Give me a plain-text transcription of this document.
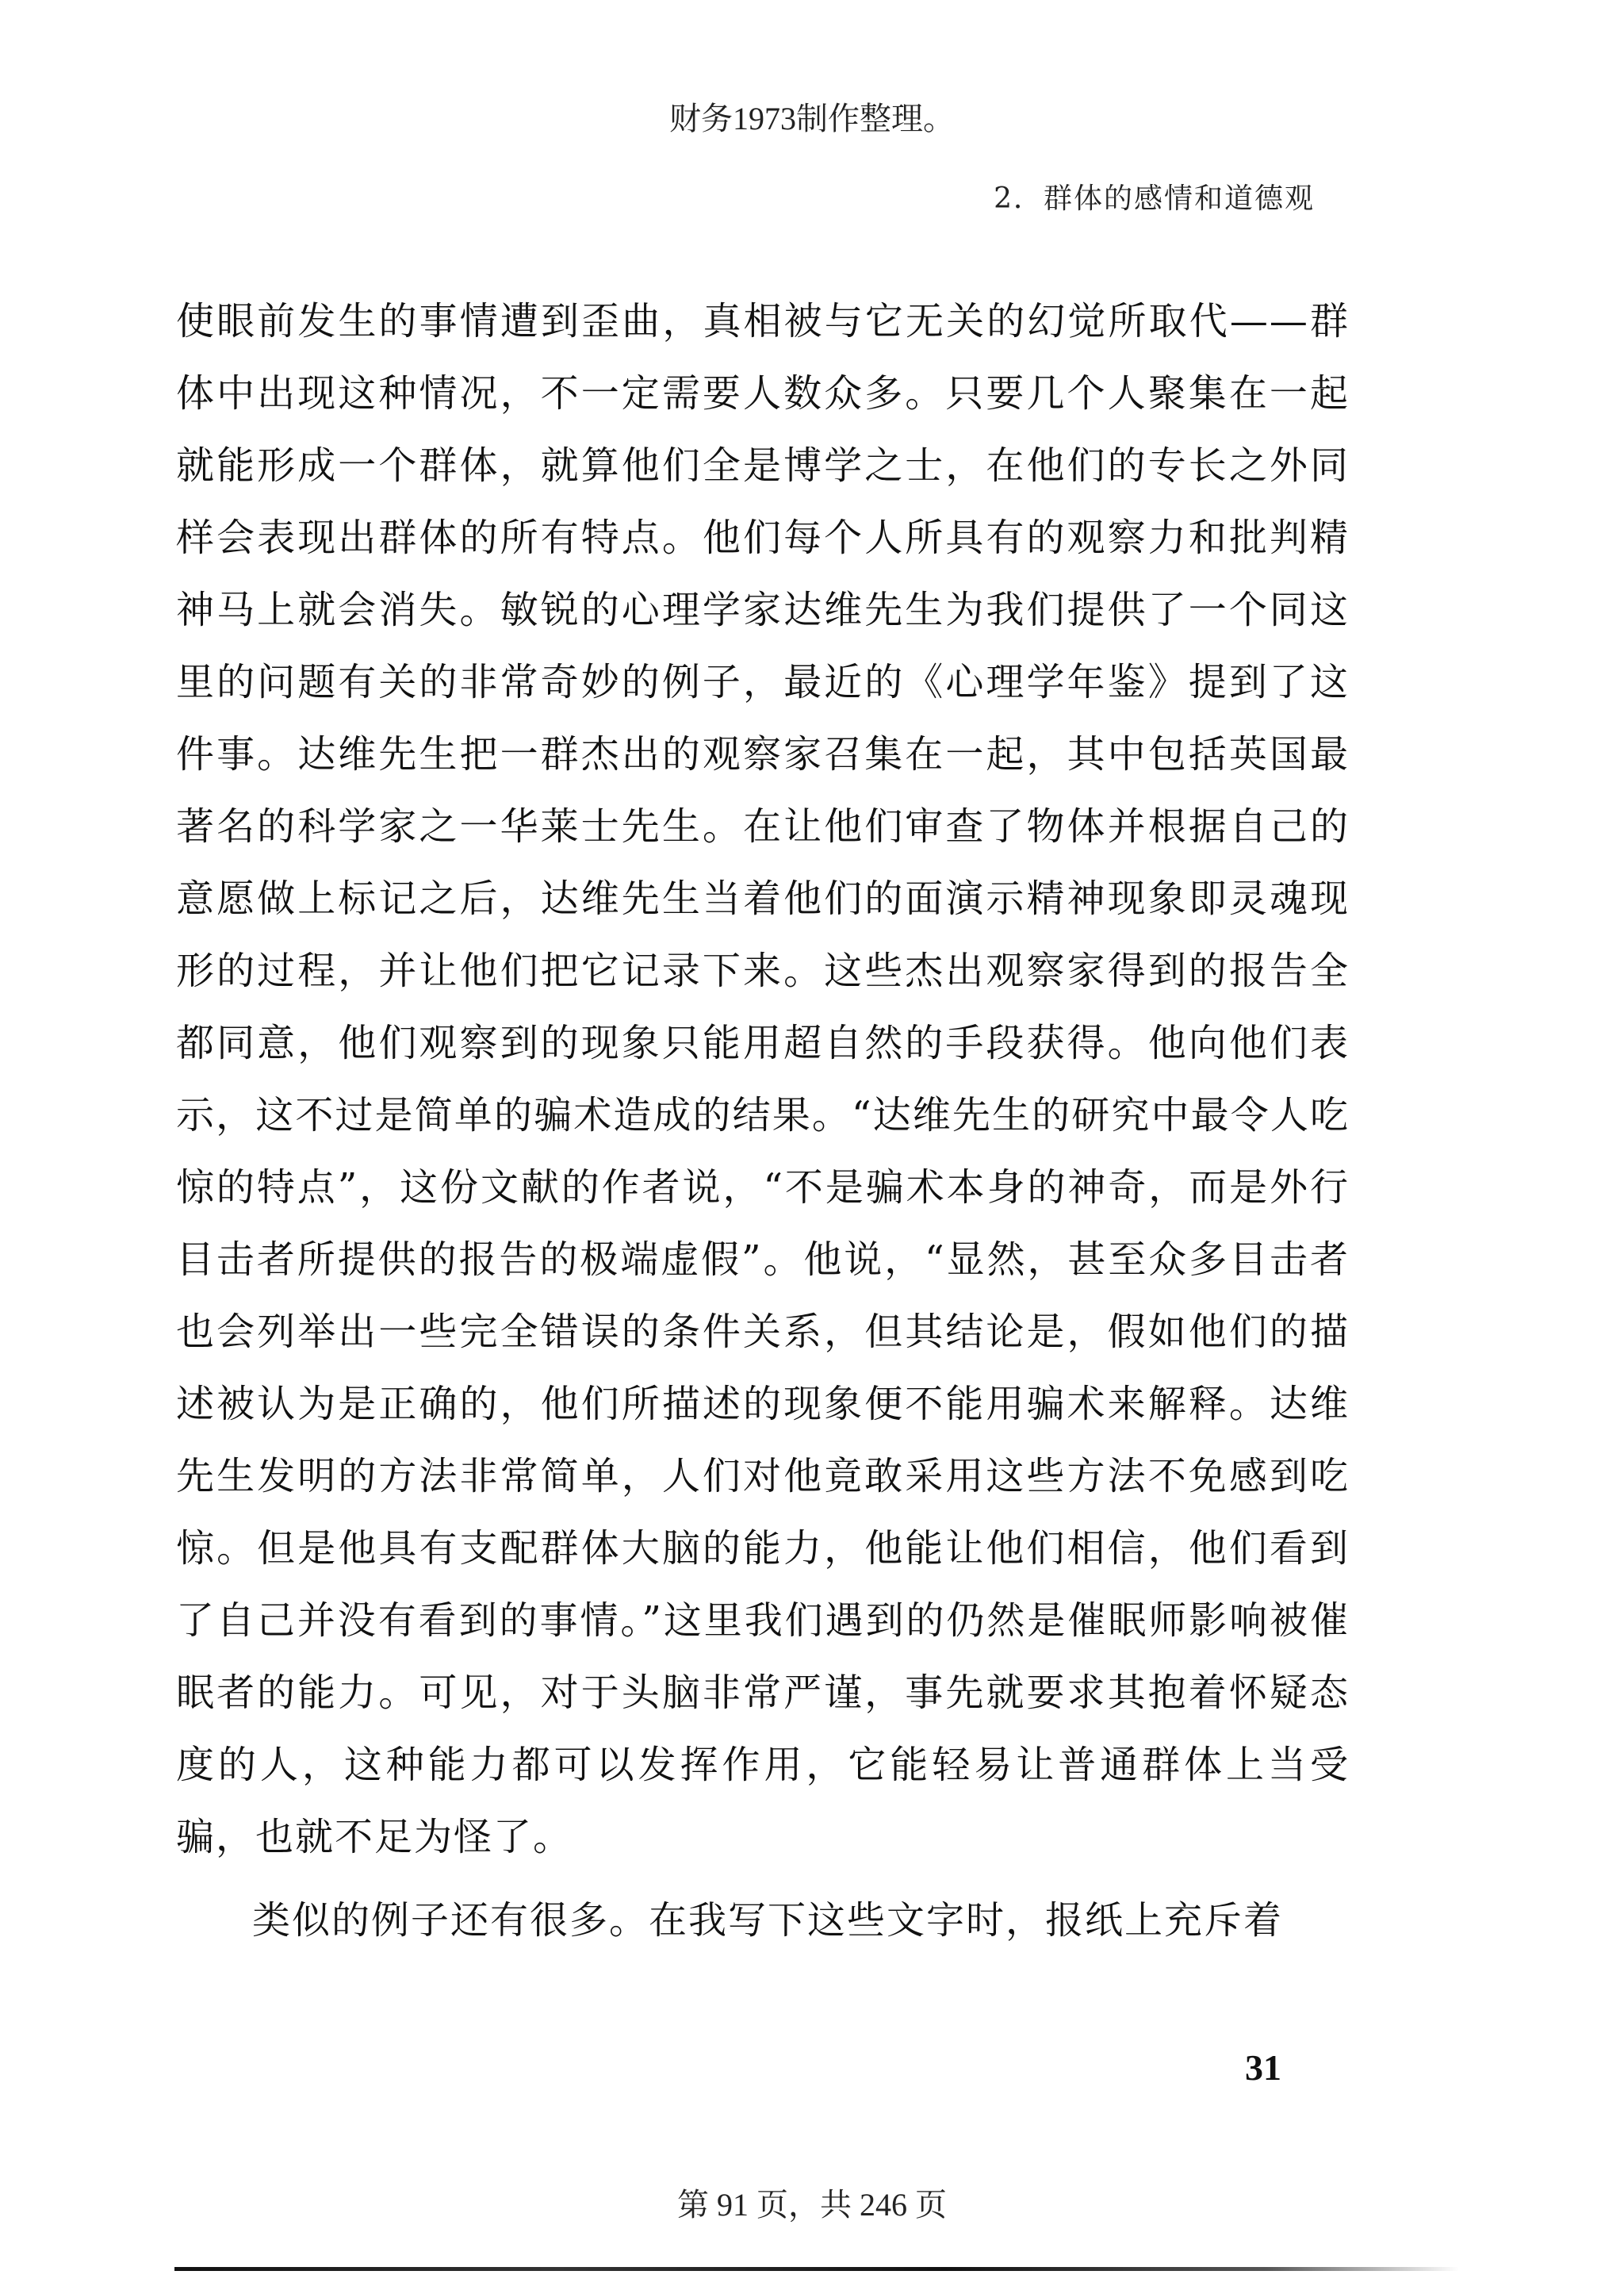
财务1973制作整理。
2．群体的感情和道德观

使眼前发生的事情遭到歪曲，真相被与它无关的幻觉所取代——群体中出现这种情况，不一定需要人数众多。只要几个人聚集在一起就能形成一个群体，就算他们全是博学之士，在他们的专长之外同样会表现出群体的所有特点。他们每个人所具有的观察力和批判精神马上就会消失。敏锐的心理学家达维先生为我们提供了一个同这里的问题有关的非常奇妙的例子，最近的《心理学年鉴》提到了这件事。达维先生把一群杰出的观察家召集在一起，其中包括英国最著名的科学家之一华莱士先生。在让他们审查了物体并根据自己的意愿做上标记之后，达维先生当着他们的面演示精神现象即灵魂现形的过程，并让他们把它记录下来。这些杰出观察家得到的报告全都同意，他们观察到的现象只能用超自然的手段获得。他向他们表示，这不过是简单的骗术造成的结果。“达维先生的研究中最令人吃惊的特点”，这份文献的作者说，“不是骗术本身的神奇，而是外行目击者所提供的报告的极端虚假”。他说，“显然，甚至众多目击者也会列举出一些完全错误的条件关系，但其结论是，假如他们的描述被认为是正确的，他们所描述的现象便不能用骗术来解释。达维先生发明的方法非常简单，人们对他竟敢采用这些方法不免感到吃惊。但是他具有支配群体大脑的能力，他能让他们相信，他们看到了自己并没有看到的事情。”这里我们遇到的仍然是催眠师影响被催眠者的能力。可见，对于头脑非常严谨，事先就要求其抱着怀疑态度的人，这种能力都可以发挥作用，它能轻易让普通群体上当受骗，也就不足为怪了。

类似的例子还有很多。在我写下这些文字时，报纸上充斥着

31
第 91 页，共 246 页
